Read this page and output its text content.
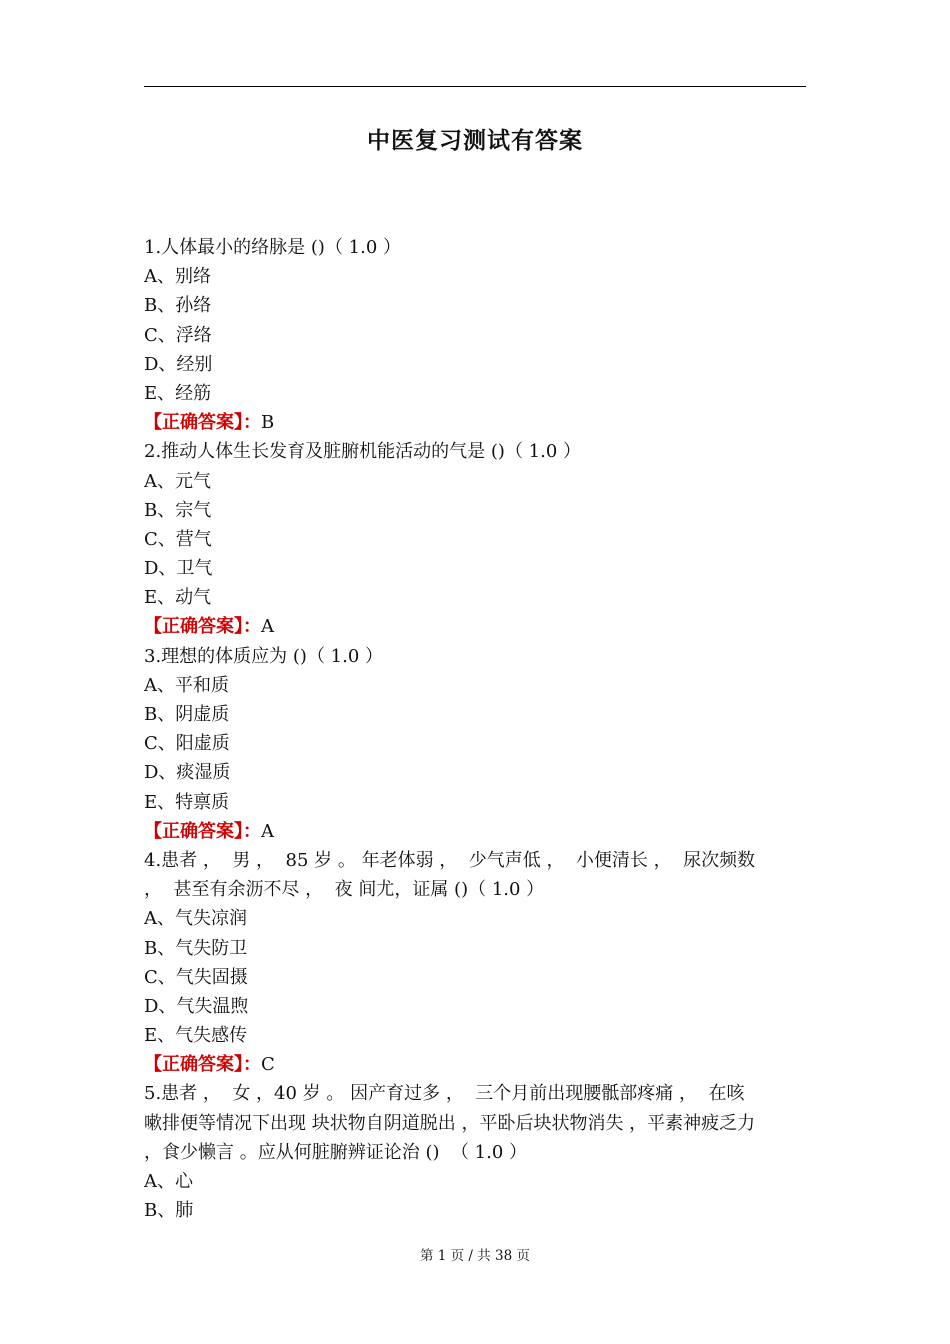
中医复习测试有答案
1.人体最小的络脉是 ()（ 1.0 ）
A、别络
B、孙络
C、浮络
D、经别
E、经筋
【正确答案】：B
2.推动人体生长发育及脏腑机能活动的气是 ()（ 1.0 ）
A、元气
B、宗气
C、营气
D、卫气
E、动气
【正确答案】：A
3.理想的体质应为 ()（ 1.0 ）
A、平和质
B、阴虚质
C、阳虚质
D、痰湿质
E、特禀质
【正确答案】：A
4.患者 ，  男 ，  85 岁 。 年老体弱 ，  少气声低 ，  小便清长 ，  尿次频数
，  甚至有余沥不尽 ，  夜 间尤，证属 ()（ 1.0 ）
A、气失凉润
B、气失防卫
C、气失固摄
D、气失温煦
E、气失感传
【正确答案】：C
5.患者 ，  女 ，40 岁 。 因产育过多 ，  三个月前出现腰骶部疼痛 ，  在咳
嗽排便等情况下出现 块状物自阴道脱出 ，平卧后块状物消失 ，平素神疲乏力
，食少懒言 。应从何脏腑辨证论治 ()  （ 1.0 ）
A、心
B、肺
第 1 页 / 共 38 页
